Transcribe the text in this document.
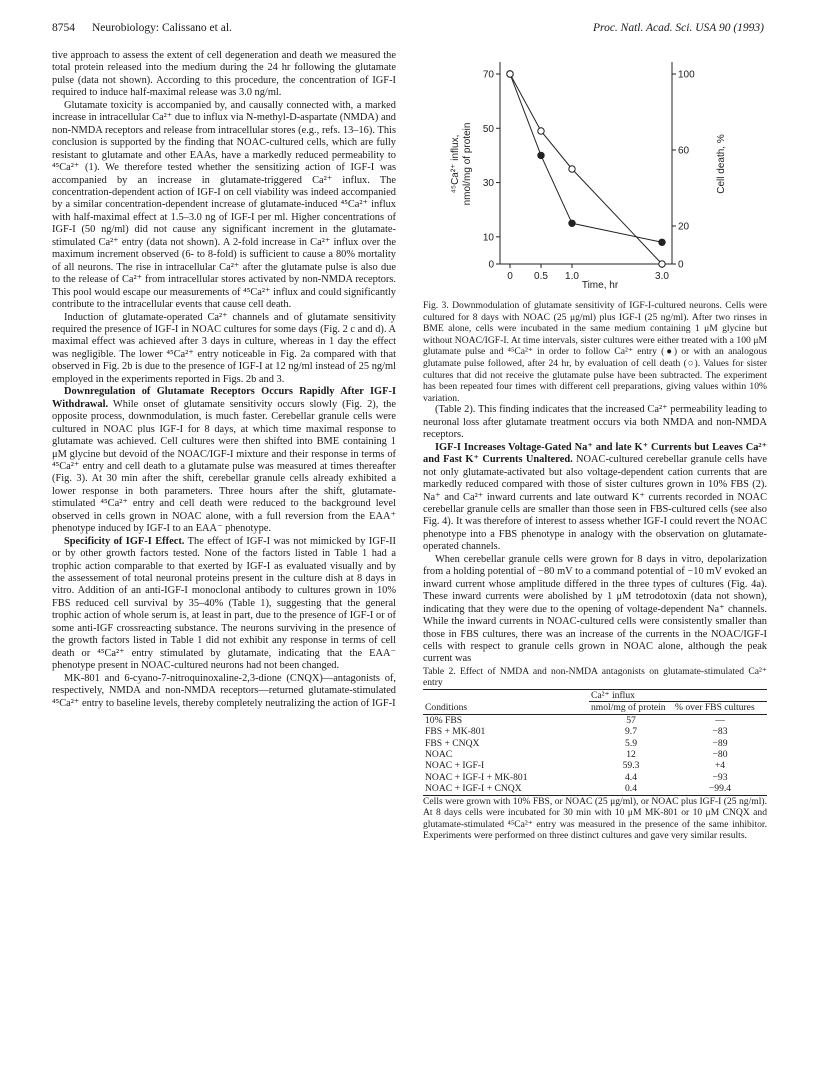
8754 Neurobiology: Calissano et al.	Proc. Natl. Acad. Sci. USA 90 (1993)

tive approach to assess the extent of cell degeneration and death we measured the total protein released into the medium during the 24 hr following the glutamate pulse (data not shown). According to this procedure, the concentration of IGF-I required to induce half-maximal release was 3.0 ng/ml.

Glutamate toxicity is accompanied by, and causally connected with, a marked increase in intracellular Ca²⁺ due to influx via N-methyl-D-aspartate (NMDA) and non-NMDA receptors and release from intracellular stores (e.g., refs. 13–16). This conclusion is supported by the finding that NOAC-cultured cells, which are fully resistant to glutamate and other EAAs, have a markedly reduced permeability to ⁴⁵Ca²⁺ (1). We therefore tested whether the sensitizing action of IGF-I was accompanied by an increase in glutamate-triggered Ca²⁺ influx. The concentration-dependent action of IGF-I on cell viability was indeed accompanied by a similar concentration-dependent increase of glutamate-induced ⁴⁵Ca²⁺ influx with half-maximal effect at 1.5–3.0 ng of IGF-I per ml. Higher concentrations of IGF-I (50 ng/ml) did not cause any significant increment in the glutamate-stimulated Ca²⁺ entry (data not shown). A 2-fold increase in Ca²⁺ influx over the maximum increment observed (6- to 8-fold) is sufficient to cause a 80% mortality of all neurons. The rise in intracellular Ca²⁺ after the glutamate pulse is also due to the release of Ca²⁺ from intracellular stores activated by non-NMDA receptors. This pool would escape our measurements of ⁴⁵Ca²⁺ influx and could significantly contribute to the intracellular events that cause cell death.

Induction of glutamate-operated Ca²⁺ channels and of glutamate sensitivity required the presence of IGF-I in NOAC cultures for some days (Fig. 2 c and d). A maximal effect was achieved after 3 days in culture, whereas in 1 day the effect was negligible. The lower ⁴⁵Ca²⁺ entry noticeable in Fig. 2a compared with that observed in Fig. 2b is due to the presence of IGF-I at 12 ng/ml instead of 25 ng/ml employed in the experiments reported in Figs. 2b and 3.

Downregulation of Glutamate Receptors Occurs Rapidly After IGF-I Withdrawal. While onset of glutamate sensitivity occurs slowly (Fig. 2), the opposite process, downmodulation, is much faster. Cerebellar granule cells were cultured in NOAC plus IGF-I for 8 days, at which time maximal response to glutamate was achieved. Cell cultures were then shifted into BME containing 1 μM glycine but devoid of the NOAC/IGF-I mixture and their response in terms of ⁴⁵Ca²⁺ entry and cell death to a glutamate pulse was measured at times thereafter (Fig. 3). At 30 min after the shift, cerebellar granule cells already exhibited a lower response in both parameters. Three hours after the shift, glutamate-stimulated ⁴⁵Ca²⁺ entry and cell death were reduced to the background level observed in cells grown in NOAC alone, with a full reversion from the EAA⁺ phenotype induced by IGF-I to an EAA⁻ phenotype.

Specificity of IGF-I Effect. The effect of IGF-I was not mimicked by IGF-II or by other growth factors tested. None of the factors listed in Table 1 had a trophic action comparable to that exerted by IGF-I as evaluated visually and by the assessement of total neuronal proteins present in the culture dish at 8 days in vitro. Addition of an anti-IGF-I monoclonal antibody to cultures grown in 10% FBS reduced cell survival by 35–40% (Table 1), suggesting that the general trophic action of whole serum is, at least in part, due to the presence of IGF-I or of some anti-IGF crossreacting substance. The neurons surviving in the presence of the growth factors listed in Table 1 did not exhibit any response in terms of cell death or ⁴⁵Ca²⁺ entry stimulated by glutamate, indicating that the EAA⁻ phenotype present in NOAC-cultured neurons had not been changed.

MK-801 and 6-cyano-7-nitroquinoxaline-2,3-dione (CNQX)—antagonists of, respectively, NMDA and non-NMDA receptors—returned glutamate-stimulated ⁴⁵Ca²⁺ entry to baseline levels, thereby completely neutralizing the action of IGF-I

0
10
30
50
70
0
20
60
100
0 0.5 1.0	3.0
⁴⁵Ca²⁺ influx, nmol/mg of protein	Cell death, %
Time, hr

Fig. 3. Downmodulation of glutamate sensitivity of IGF-I-cultured neurons. Cells were cultured for 8 days with NOAC (25 μg/ml) plus IGF-I (25 ng/ml). After two rinses in BME alone, cells were incubated in the same medium containing 1 μM glycine but without NOAC/IGF-I. At time intervals, sister cultures were either treated with a 100 μM glutamate pulse and ⁴⁵Ca²⁺ in order to follow Ca²⁺ entry (●) or with an analogous glutamate pulse followed, after 24 hr, by evaluation of cell death (○). Values for sister cultures that did not receive the glutamate pulse have been subtracted. The experiment has been repeated four times with different cell preparations, giving values within 10% variation.

(Table 2). This finding indicates that the increased Ca²⁺ permeability leading to neuronal loss after glutamate treatment occurs via both NMDA and non-NMDA receptors.

IGF-I Increases Voltage-Gated Na⁺ and late K⁺ Currents but Leaves Ca²⁺ and Fast K⁺ Currents Unaltered. NOAC-cultured cerebellar granule cells have not only glutamate-activated but also voltage-dependent cation currents that are markedly reduced compared with those of sister cultures grown in 10% FBS (2). Na⁺ and Ca²⁺ inward currents and late outward K⁺ currents recorded in NOAC cerebellar granule cells are smaller than those seen in FBS-cultured cells (see also Fig. 4). It was therefore of interest to assess whether IGF-I could revert the NOAC phenotype into a FBS phenotype in analogy with the observation on glutamate-operated channels.

When cerebellar granule cells were grown for 8 days in vitro, depolarization from a holding potential of −80 mV to a command potential of −10 mV evoked an inward current whose amplitude differed in the three types of cultures (Fig. 4a). These inward currents were abolished by 1 μM tetrodotoxin (data not shown), indicating that they were due to the opening of voltage-dependent Na⁺ channels. While the inward currents in NOAC-cultured cells were consistently smaller than those in FBS cultures, there was an increase of the currents in the NOAC/IGF-I cells with respect to granule cells grown in NOAC alone, although the peak current was

Table 2. Effect of NMDA and non-NMDA antagonists on glutamate-stimulated Ca²⁺ entry

	Ca²⁺ influx	
Conditions	nmol/mg of protein	% over FBS cultures
10% FBS	57	—
FBS + MK-801	9.7	−83
FBS + CNQX	5.9	−89
NOAC	12	−80
NOAC + IGF-I	59.3	+4
NOAC + IGF-I + MK-801	4.4	−93
NOAC + IGF-I + CNQX	0.4	−99.4

Cells were grown with 10% FBS, or NOAC (25 μg/ml), or NOAC plus IGF-I (25 ng/ml). At 8 days cells were incubated for 30 min with 10 μM MK-801 or 10 μM CNQX and glutamate-stimulated ⁴⁵Ca²⁺ entry was measured in the presence of the same inhibitor. Experiments were performed on three distinct cultures and gave very similar results.
